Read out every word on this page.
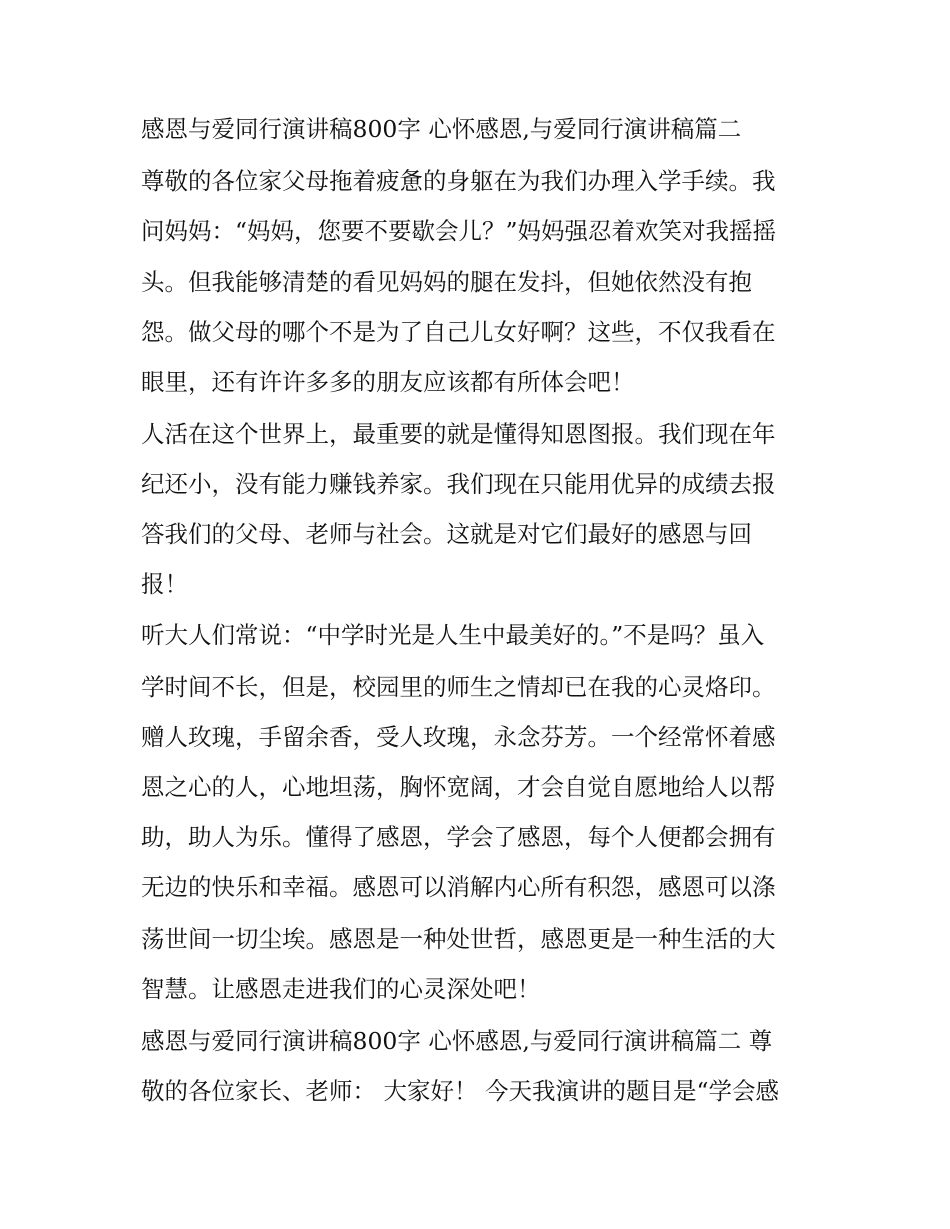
感恩与爱同行演讲稿800字 心怀感恩,与爱同行演讲稿篇二
尊敬的各位家父母拖着疲惫的身躯在为我们办理入学手续。我
问妈妈：“妈妈，您要不要歇会儿？”妈妈强忍着欢笑对我摇摇
头。但我能够清楚的看见妈妈的腿在发抖，但她依然没有抱
怨。做父母的哪个不是为了自己儿女好啊？这些，不仅我看在
眼里，还有许许多多的朋友应该都有所体会吧！
人活在这个世界上，最重要的就是懂得知恩图报。我们现在年
纪还小，没有能力赚钱养家。我们现在只能用优异的成绩去报
答我们的父母、老师与社会。这就是对它们最好的感恩与回
报！
听大人们常说：“中学时光是人生中最美好的。”不是吗？虽入
学时间不长，但是，校园里的师生之情却已在我的心灵烙印。
赠人玫瑰，手留余香，受人玫瑰，永念芬芳。一个经常怀着感
恩之心的人，心地坦荡，胸怀宽阔，才会自觉自愿地给人以帮
助，助人为乐。懂得了感恩，学会了感恩，每个人便都会拥有
无边的快乐和幸福。感恩可以消解内心所有积怨，感恩可以涤
荡世间一切尘埃。感恩是一种处世哲，感恩更是一种生活的大
智慧。让感恩走进我们的心灵深处吧！
感恩与爱同行演讲稿800字 心怀感恩,与爱同行演讲稿篇二 尊
敬的各位家长、老师： 大家好！ 今天我演讲的题目是“学会感
